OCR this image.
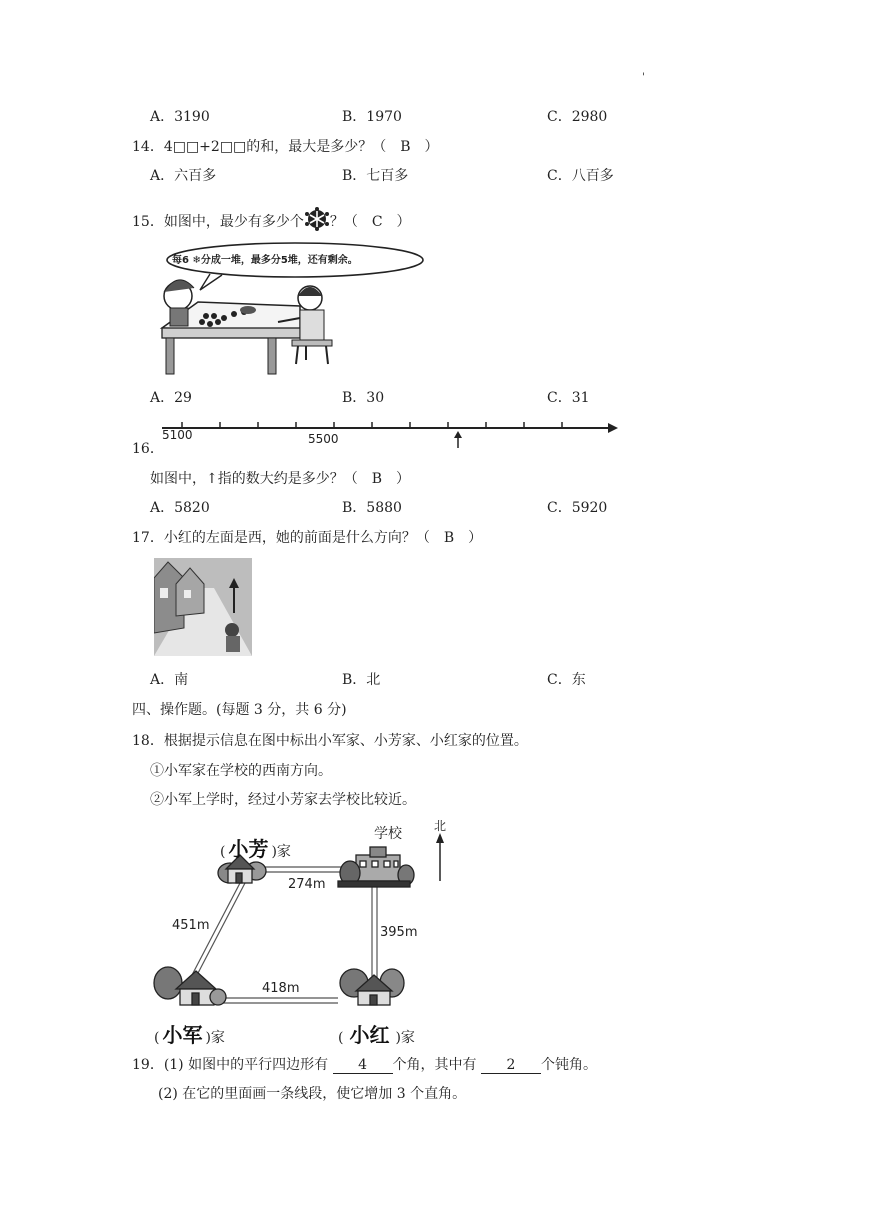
'
A．3190	B．1970	C．2980
14．4□□+2□□的和，最大是多少？（　B　）
A．六百多	B．七百多	C．八百多
15．如图中，最少有多少个 ？（　C　）
每6 ❄分成一堆，最多分5堆，还有剩余。
A．29	B．30	C．31
16．
5100	5500
如图中，↑指的数大约是多少？（　B　）
A．5820	B．5880	C．5920
17．小红的左面是西，她的前面是什么方向？（　B　）
A．南	B．北	C．东
四、操作题。(每题 3 分，共 6 分)
18．根据提示信息在图中标出小军家、小芳家、小红家的位置。
①小军家在学校的西南方向。
②小军上学时，经过小芳家去学校比较近。
( 小芳 )家
学校	北
274m
451m	395m
418m
( 小军 )家	( 小红 )家
19．(1) 如图中的平行四边形有 4 个角，其中有 2 个钝角。
(2) 在它的里面画一条线段，使它增加 3 个直角。
